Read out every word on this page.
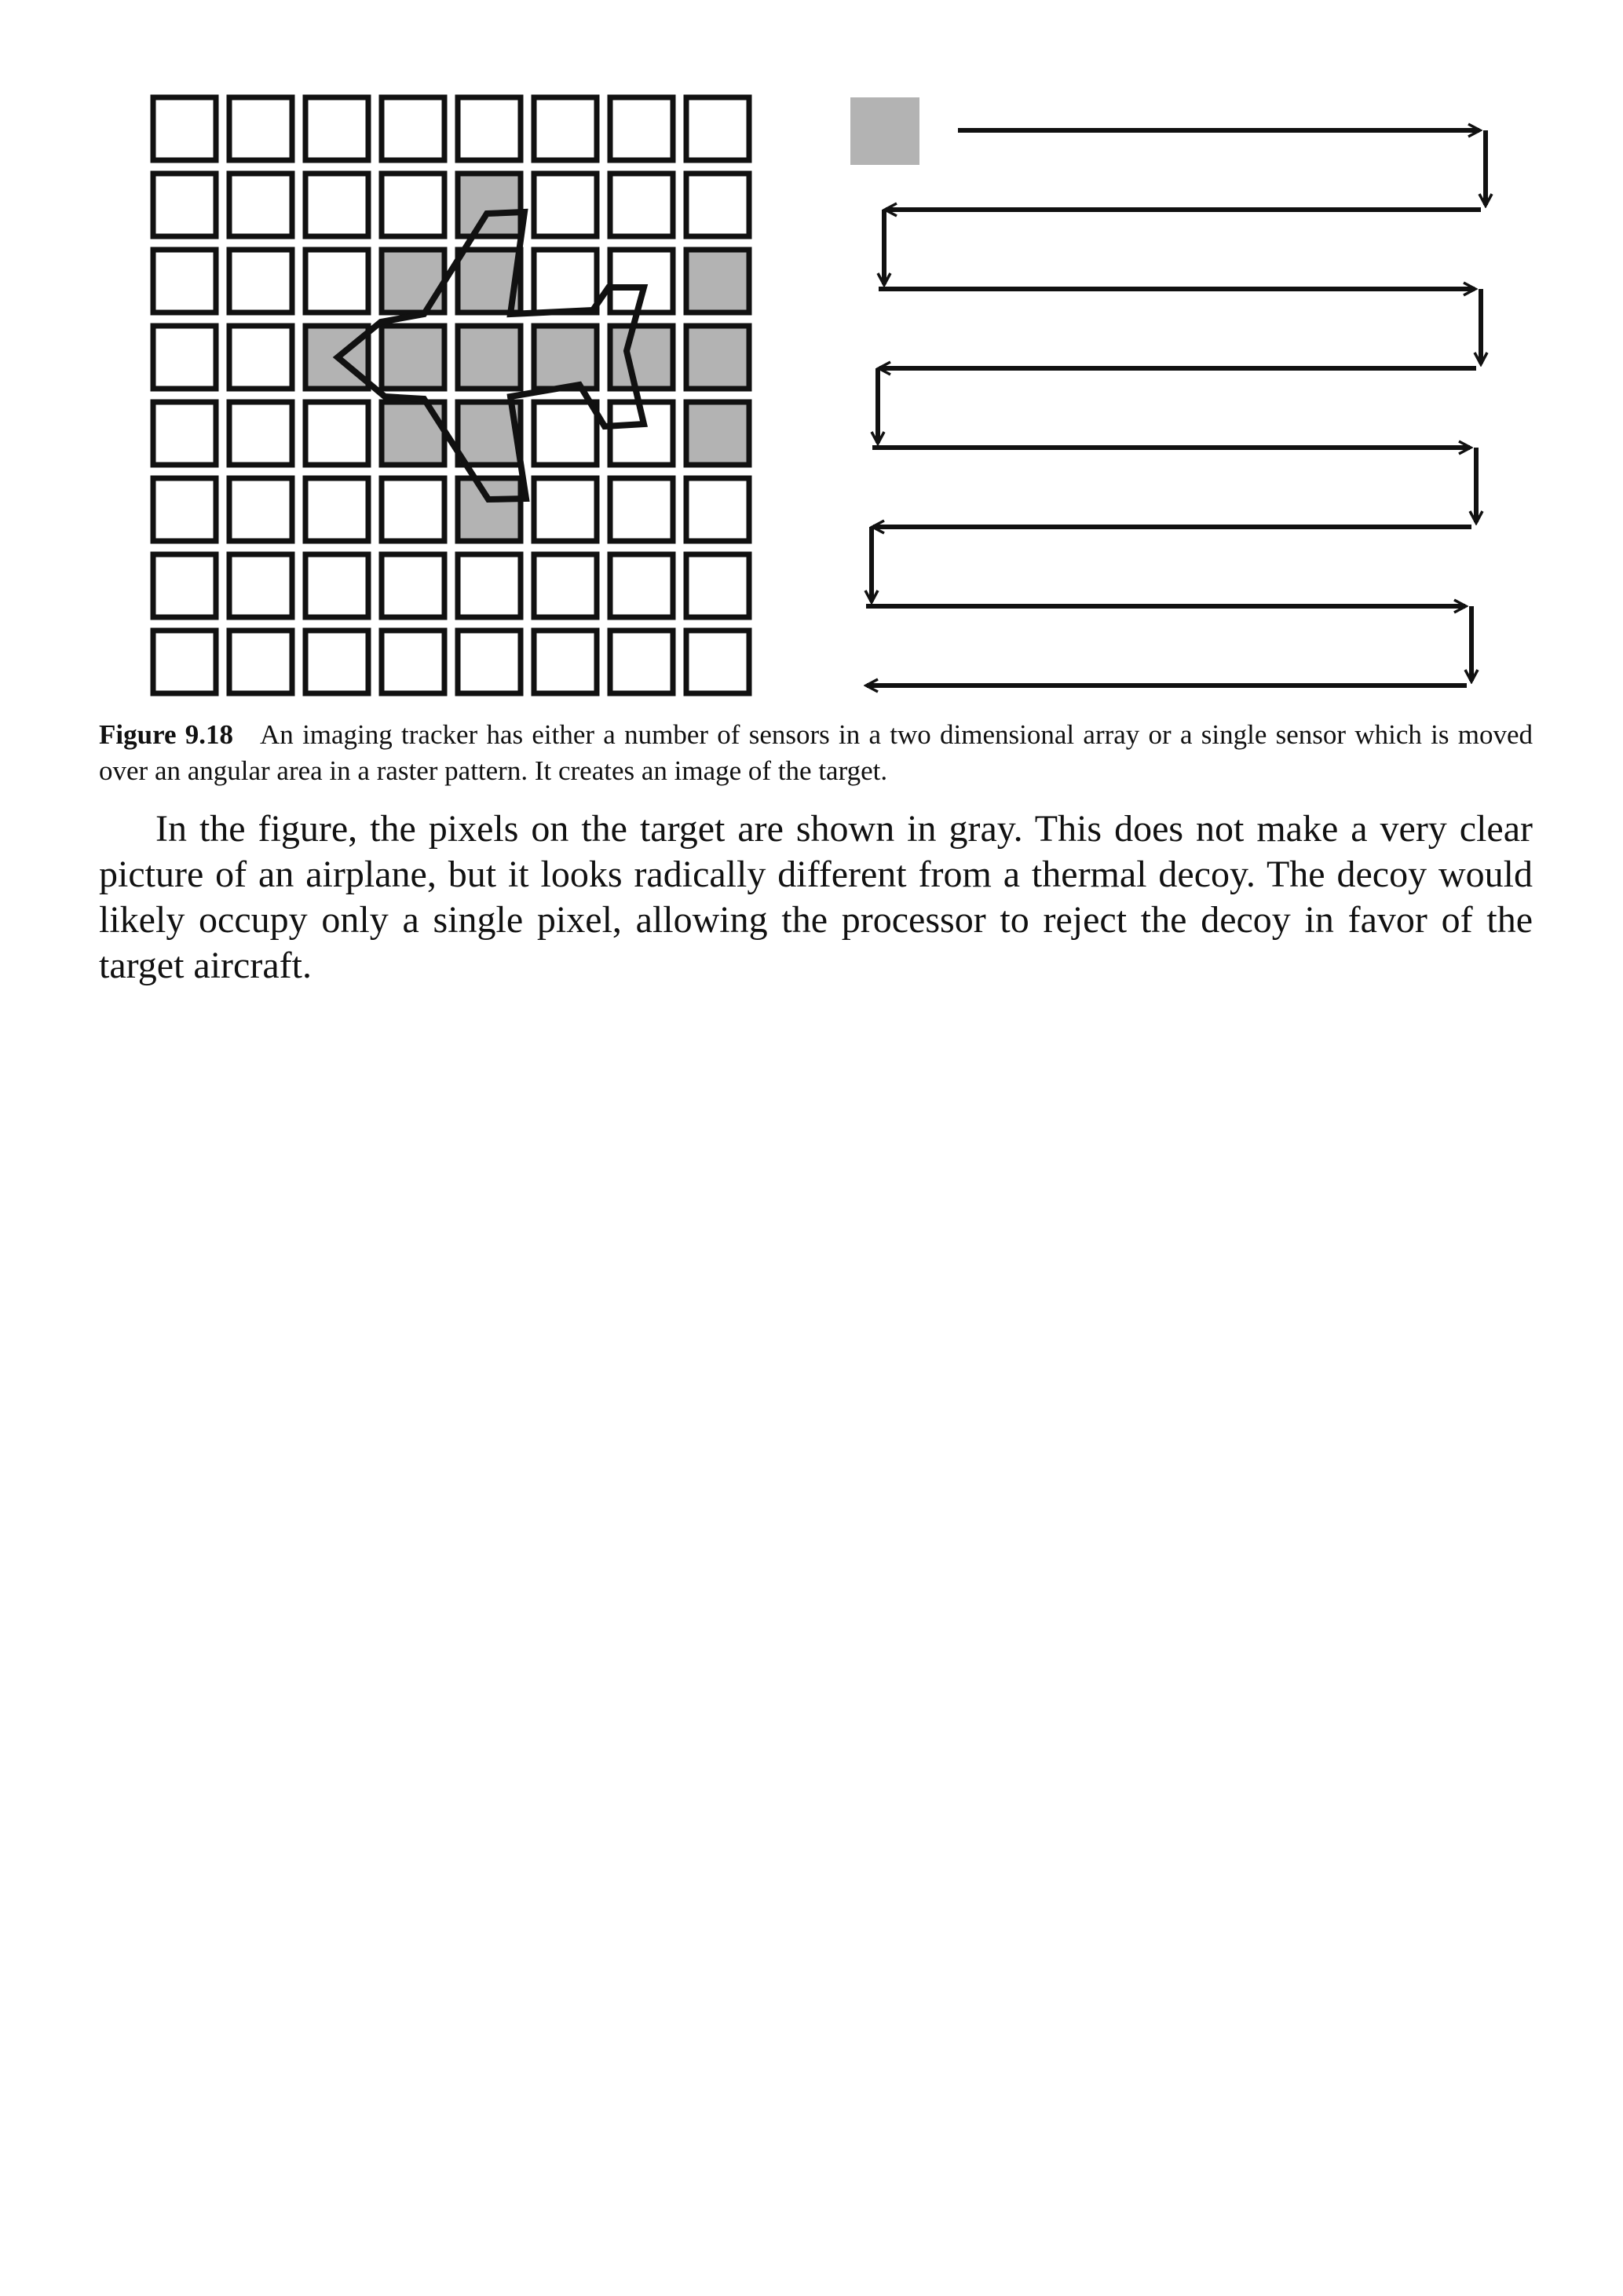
Figure 9.18 An imaging tracker has either a number of sensors in a two dimensional array or a single sensor which is moved over an angular area in a raster pattern. It creates an image of the target.

In the figure, the pixels on the target are shown in gray. This does not make a very clear picture of an airplane, but it looks radically different from a thermal decoy. The decoy would likely occupy only a single pixel, allowing the processor to reject the decoy in favor of the target aircraft.
